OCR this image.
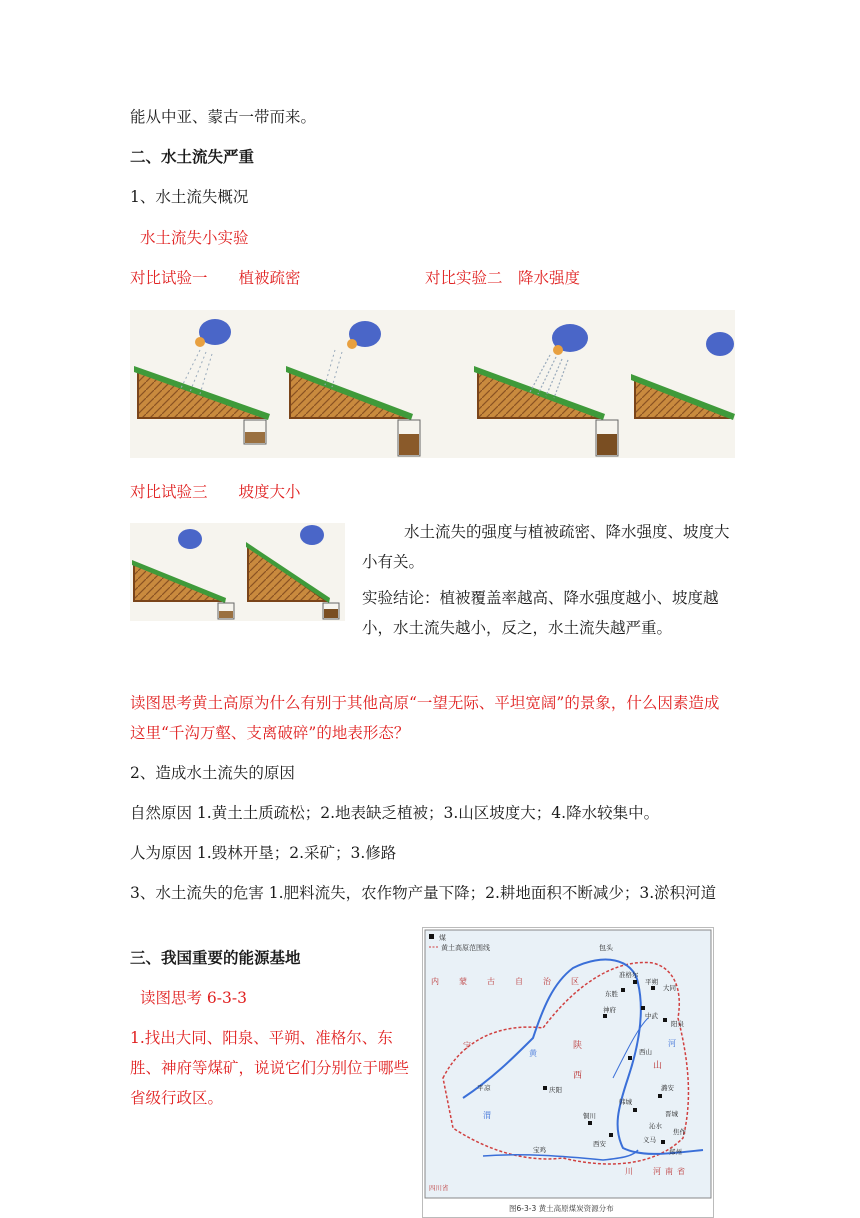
能从中亚、蒙古一带而来。
二、水土流失严重
1、水土流失概况
水土流失小实验
对比试验一　　植被疏密	对比实验二　降水强度
对比试验三　　坡度大小
水土流失的强度与植被疏密、降水强度、坡度大小有关。
实验结论：植被覆盖率越高、降水强度越小、坡度越小，水土流失越小，反之，水土流失越严重。
读图思考黄土高原为什么有别于其他高原“一望无际、平坦宽阔”的景象，什么因素造成这里“千沟万壑、支离破碎”的地表形态？
2、造成水土流失的原因
自然原因 1.黄土土质疏松；2.地表缺乏植被；3.山区坡度大；4.降水较集中。
人为原因 1.毁林开垦；2.采矿；3.修路
3、水土流失的危害 1.肥料流失，农作物产量下降；2.耕地面积不断减少；3.淤积河道
三、我国重要的能源基地
读图思考 6-3-3
1.找出大同、阳泉、平朔、准格尔、东胜、神府等煤矿，说说它们分别位于哪些省级行政区。
煤
黄土高原范围线	包头
内	蒙	古	自	治	区
准格尔
东胜
神府
平朔
大同
阳泉
中武
西山
庆阳
铜川
韩城
潞安
晋城
焦作
沁水
义马
郑州
西安
宝鸡
四川省
陕
西
山
黄
河
渭
平 凉
宁
河 南 省
川
图6-3-3 黄土高原煤炭资源分布
